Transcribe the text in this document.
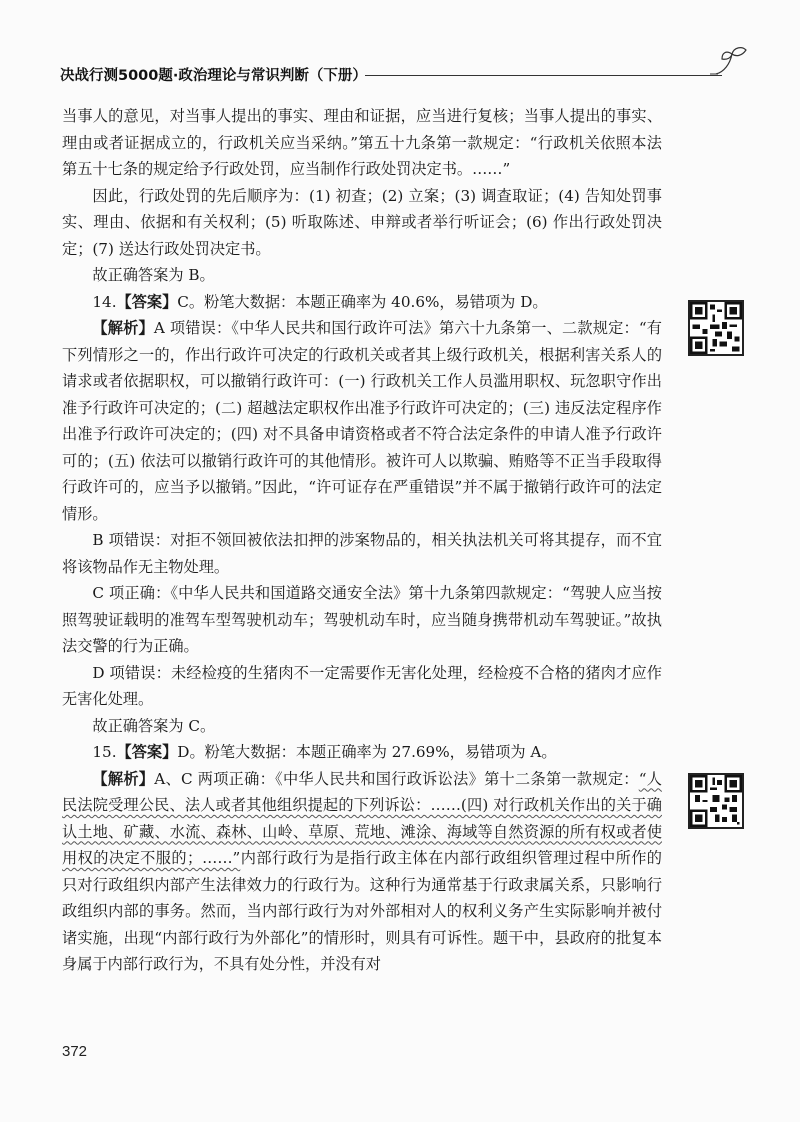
决战行测5000题·政治理论与常识判断（下册）

当事人的意见，对当事人提出的事实、理由和证据，应当进行复核；当事人提出的事实、理由或者证据成立的，行政机关应当采纳。”第五十九条第一款规定：“行政机关依照本法第五十七条的规定给予行政处罚，应当制作行政处罚决定书。……”

因此，行政处罚的先后顺序为：(1) 初查；(2) 立案；(3) 调查取证；(4) 告知处罚事实、理由、依据和有关权利；(5) 听取陈述、申辩或者举行听证会；(6) 作出行政处罚决定；(7) 送达行政处罚决定书。

故正确答案为 B。

14.【答案】C。粉笔大数据：本题正确率为 40.6%，易错项为 D。

【解析】A 项错误：《中华人民共和国行政许可法》第六十九条第一、二款规定：“有下列情形之一的，作出行政许可决定的行政机关或者其上级行政机关，根据利害关系人的请求或者依据职权，可以撤销行政许可：(一) 行政机关工作人员滥用职权、玩忽职守作出准予行政许可决定的；(二) 超越法定职权作出准予行政许可决定的；(三) 违反法定程序作出准予行政许可决定的；(四) 对不具备申请资格或者不符合法定条件的申请人准予行政许可的；(五) 依法可以撤销行政许可的其他情形。被许可人以欺骗、贿赂等不正当手段取得行政许可的，应当予以撤销。”因此，“许可证存在严重错误”并不属于撤销行政许可的法定情形。

B 项错误：对拒不领回被依法扣押的涉案物品的，相关执法机关可将其提存，而不宜将该物品作无主物处理。

C 项正确：《中华人民共和国道路交通安全法》第十九条第四款规定：“驾驶人应当按照驾驶证载明的准驾车型驾驶机动车；驾驶机动车时，应当随身携带机动车驾驶证。”故执法交警的行为正确。

D 项错误：未经检疫的生猪肉不一定需要作无害化处理，经检疫不合格的猪肉才应作无害化处理。

故正确答案为 C。

15.【答案】D。粉笔大数据：本题正确率为 27.69%，易错项为 A。

【解析】A、C 两项正确：《中华人民共和国行政诉讼法》第十二条第一款规定：“人民法院受理公民、法人或者其他组织提起的下列诉讼：……(四) 对行政机关作出的关于确认土地、矿藏、水流、森林、山岭、草原、荒地、滩涂、海域等自然资源的所有权或者使用权的决定不服的；……”内部行政行为是指行政主体在内部行政组织管理过程中所作的只对行政组织内部产生法律效力的行政行为。这种行为通常基于行政隶属关系，只影响行政组织内部的事务。然而，当内部行政行为对外部相对人的权利义务产生实际影响并被付诸实施，出现“内部行政行为外部化”的情形时，则具有可诉性。题干中，县政府的批复本身属于内部行政行为，不具有处分性，并没有对

372
